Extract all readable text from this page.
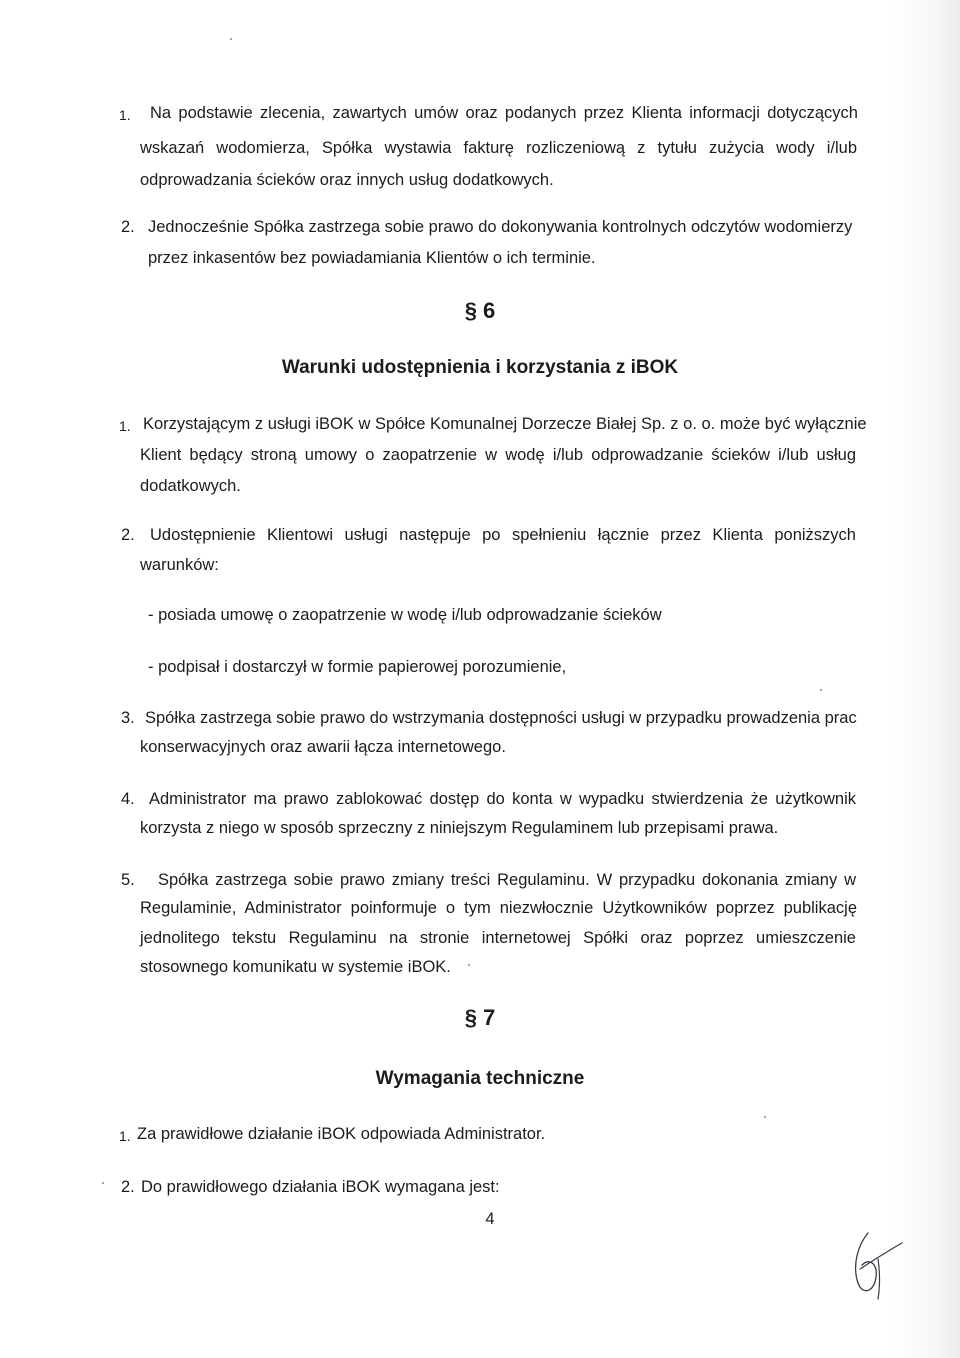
1. Na podstawie zlecenia, zawartych umów oraz podanych przez Klienta informacji dotyczących
wskazań wodomierza, Spółka wystawia fakturę rozliczeniową z tytułu zużycia wody i/lub
odprowadzania ścieków oraz innych usług dodatkowych.
2. Jednocześnie Spółka zastrzega sobie prawo do dokonywania kontrolnych odczytów wodomierzy
przez inkasentów bez powiadamiania Klientów o ich terminie.
§ 6
Warunki udostępnienia i korzystania z iBOK
1. Korzystającym z usługi iBOK w Spółce Komunalnej Dorzecze Białej Sp. z o. o. może być wyłącznie
Klient będący stroną umowy o zaopatrzenie w wodę i/lub odprowadzanie ścieków i/lub usług
dodatkowych.
2. Udostępnienie Klientowi usługi następuje po spełnieniu łącznie przez Klienta poniższych
warunków:
- posiada umowę o zaopatrzenie w wodę i/lub odprowadzanie ścieków
- podpisał i dostarczył w formie papierowej porozumienie,
3. Spółka zastrzega sobie prawo do wstrzymania dostępności usługi w przypadku prowadzenia prac
konserwacyjnych oraz awarii łącza internetowego.
4. Administrator ma prawo zablokować dostęp do konta w wypadku stwierdzenia że użytkownik
korzysta z niego w sposób sprzeczny z niniejszym Regulaminem lub przepisami prawa.
5. Spółka zastrzega sobie prawo zmiany treści Regulaminu. W przypadku dokonania zmiany w
Regulaminie, Administrator poinformuje o tym niezwłocznie Użytkowników poprzez publikację
jednolitego tekstu Regulaminu na stronie internetowej Spółki oraz poprzez umieszczenie
stosownego komunikatu w systemie iBOK.
§ 7
Wymagania techniczne
1. Za prawidłowe działanie iBOK odpowiada Administrator.
2. Do prawidłowego działania iBOK wymagana jest:
4
